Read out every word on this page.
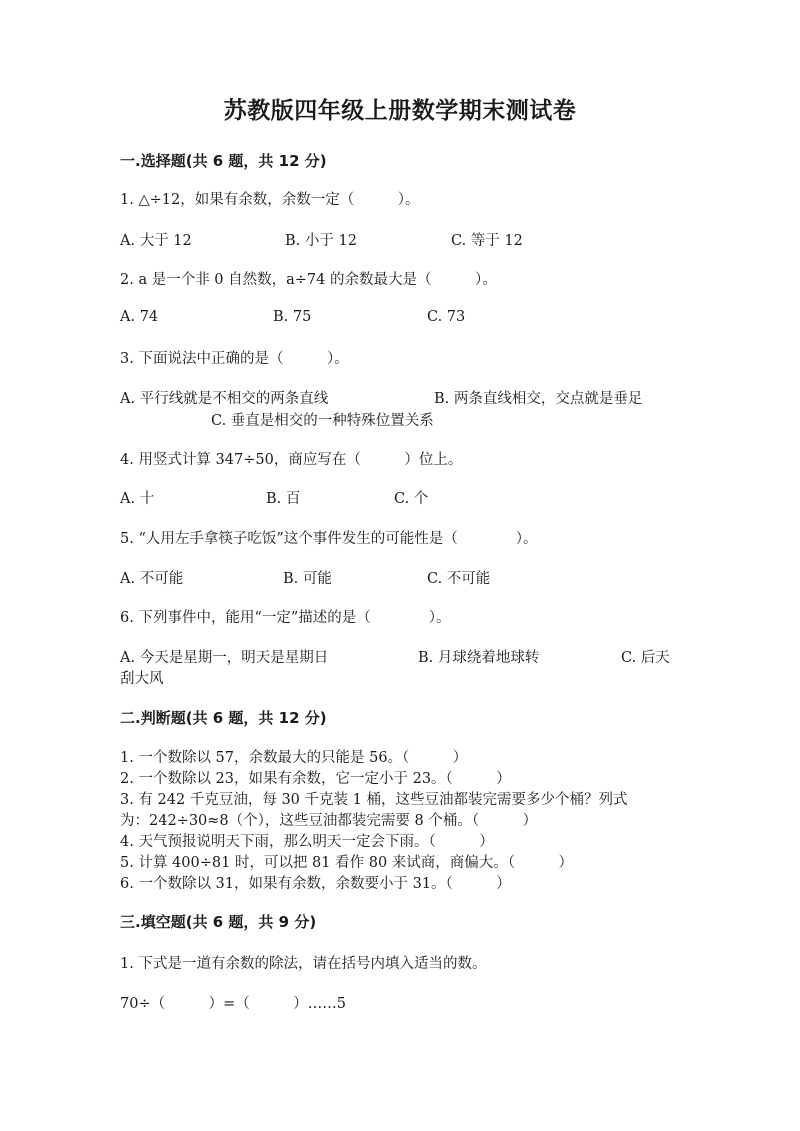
苏教版四年级上册数学期末测试卷
一.选择题(共 6 题，共 12 分)
1. △÷12，如果有余数，余数一定（　　　）。
A. 大于 12	B. 小于 12	C. 等于 12
2. a 是一个非 0 自然数，a÷74 的余数最大是（　　　）。
A. 74	B. 75	C. 73
3. 下面说法中正确的是（　　　）。
A. 平行线就是不相交的两条直线	B. 两条直线相交，交点就是垂足
C. 垂直是相交的一种特殊位置关系
4. 用竖式计算 347÷50，商应写在（　　　）位上。
A. 十	B. 百	C. 个
5. “人用左手拿筷子吃饭”这个事件发生的可能性是（　　　　）。
A. 不可能	B. 可能	C. 不可能
6. 下列事件中，能用“一定”描述的是（　　　　）。
A. 今天是星期一，明天是星期日	B. 月球绕着地球转	C. 后天
刮大风
二.判断题(共 6 题，共 12 分)
1. 一个数除以 57，余数最大的只能是 56。（　　　）
2. 一个数除以 23，如果有余数，它一定小于 23。（　　　）
3. 有 242 千克豆油，每 30 千克装 1 桶，这些豆油都装完需要多少个桶？列式
为：242÷30≈8（个），这些豆油都装完需要 8 个桶。（　　　）
4. 天气预报说明天下雨，那么明天一定会下雨。（　　　）
5. 计算 400÷81 时，可以把 81 看作 80 来试商，商偏大。（　　　）
6. 一个数除以 31，如果有余数，余数要小于 31。（　　　）
三.填空题(共 6 题，共 9 分)
1. 下式是一道有余数的除法，请在括号内填入适当的数。
70÷（　　　）=（　　　）……5
